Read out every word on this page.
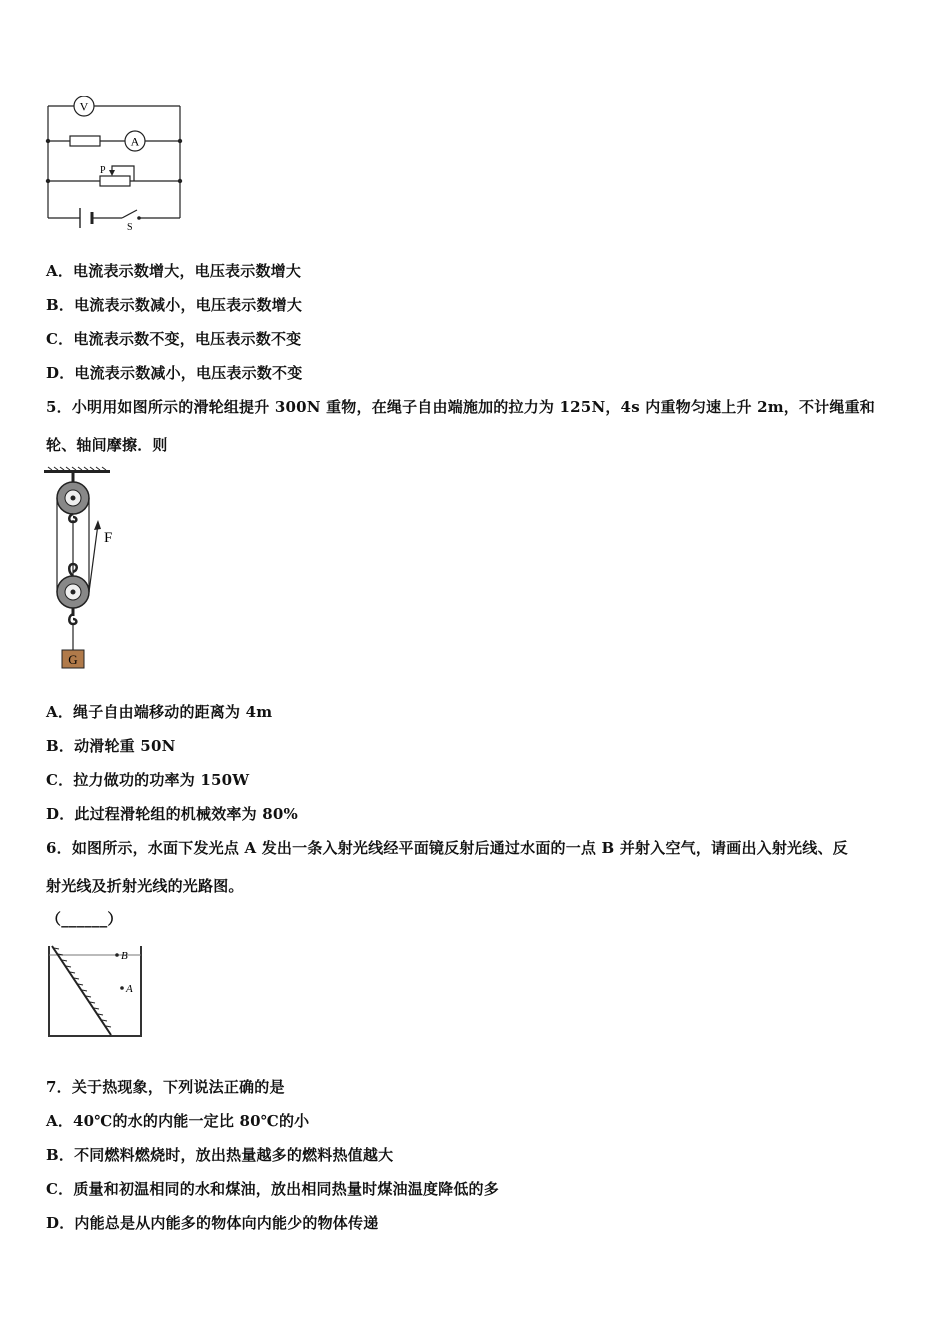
V
A
P
S
A．电流表示数增大，电压表示数增大
B．电流表示数减小，电压表示数增大
C．电流表示数不变，电压表示数不变
D．电流表示数减小，电压表示数不变
5．小明用如图所示的滑轮组提升 300N 重物，在绳子自由端施加的拉力为 125N，4s 内重物匀速上升 2m，不计绳重和
轮、轴间摩擦．则
F
G
A．绳子自由端移动的距离为 4m
B．动滑轮重 50N
C．拉力做功的功率为 150W
D．此过程滑轮组的机械效率为 80%
6．如图所示，水面下发光点 A 发出一条入射光线经平面镜反射后通过水面的一点 B 并射入空气，请画出入射光线、反
射光线及折射光线的光路图。
（______）
B
A
7．关于热现象，下列说法正确的是
A．40℃的水的内能一定比 80℃的小
B．不同燃料燃烧时，放出热量越多的燃料热值越大
C．质量和初温相同的水和煤油，放出相同热量时煤油温度降低的多
D．内能总是从内能多的物体向内能少的物体传递
